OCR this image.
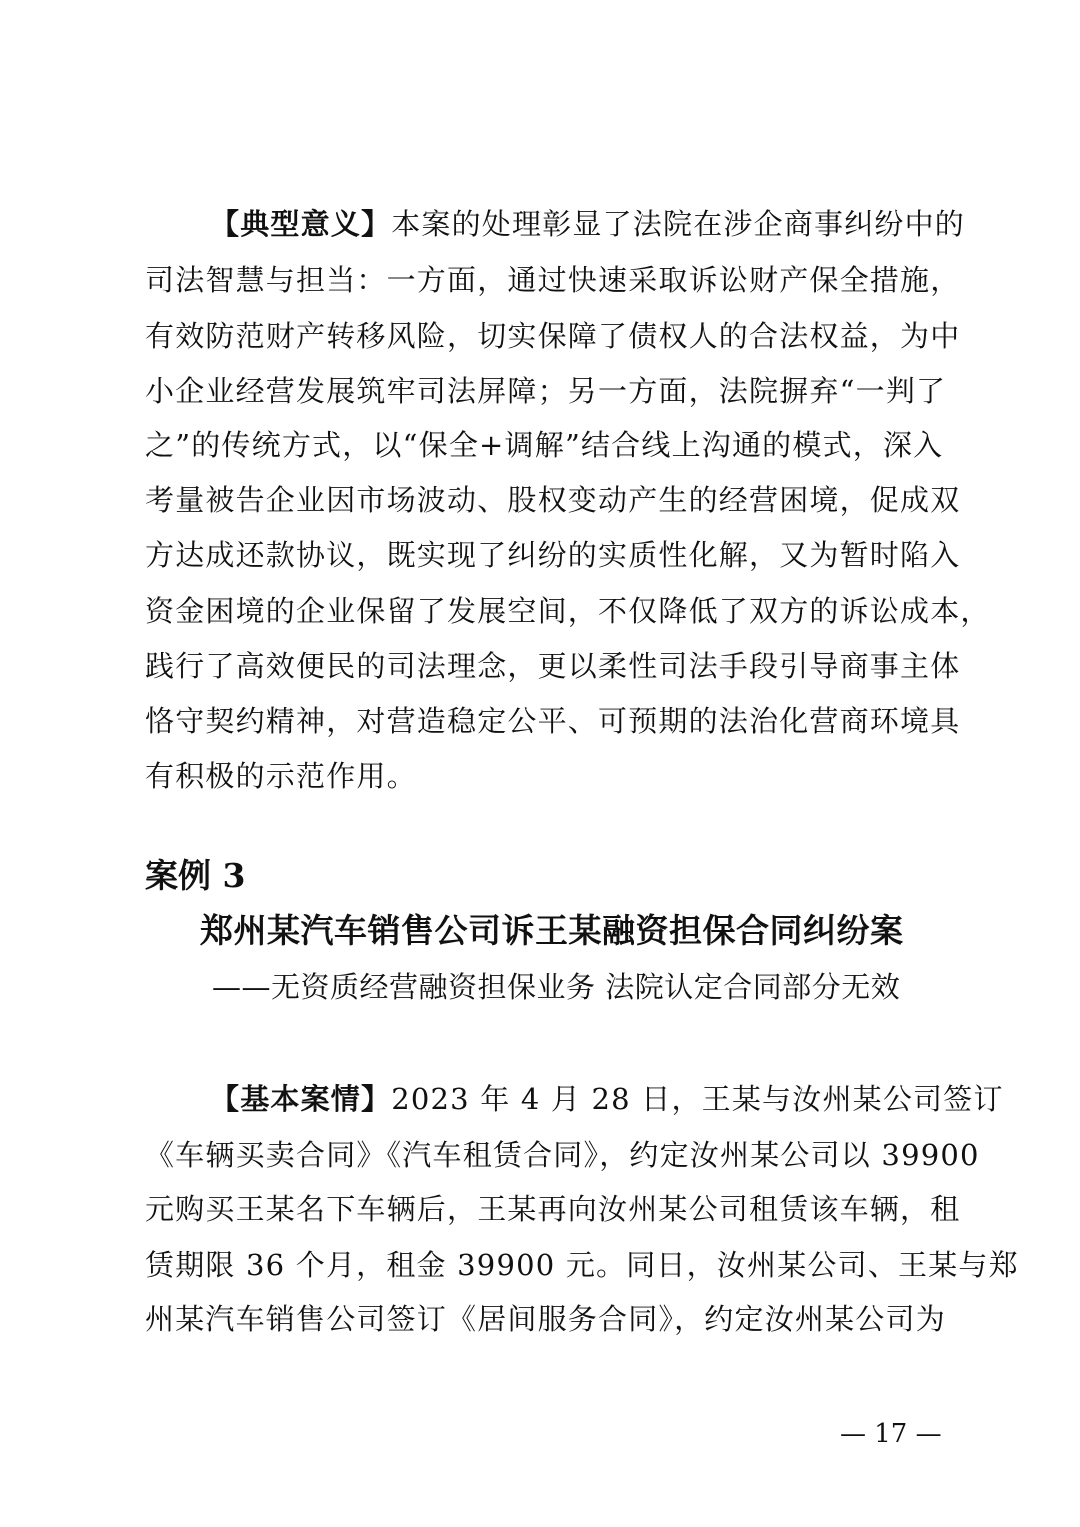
【典型意义】本案的处理彰显了法院在涉企商事纠纷中的
司法智慧与担当：一方面，通过快速采取诉讼财产保全措施，
有效防范财产转移风险，切实保障了债权人的合法权益，为中
小企业经营发展筑牢司法屏障；另一方面，法院摒弃“一判了
之”的传统方式，以“保全+调解”结合线上沟通的模式，深入
考量被告企业因市场波动、股权变动产生的经营困境，促成双
方达成还款协议，既实现了纠纷的实质性化解，又为暂时陷入
资金困境的企业保留了发展空间，不仅降低了双方的诉讼成本，
践行了高效便民的司法理念，更以柔性司法手段引导商事主体
恪守契约精神，对营造稳定公平、可预期的法治化营商环境具
有积极的示范作用。
案例 3
郑州某汽车销售公司诉王某融资担保合同纠纷案
——无资质经营融资担保业务 法院认定合同部分无效
【基本案情】2023 年 4 月 28 日，王某与汝州某公司签订
《车辆买卖合同》《汽车租赁合同》，约定汝州某公司以 39900
元购买王某名下车辆后，王某再向汝州某公司租赁该车辆，租
赁期限 36 个月，租金 39900 元。同日，汝州某公司、王某与郑
州某汽车销售公司签订《居间服务合同》，约定汝州某公司为
— 17 —
